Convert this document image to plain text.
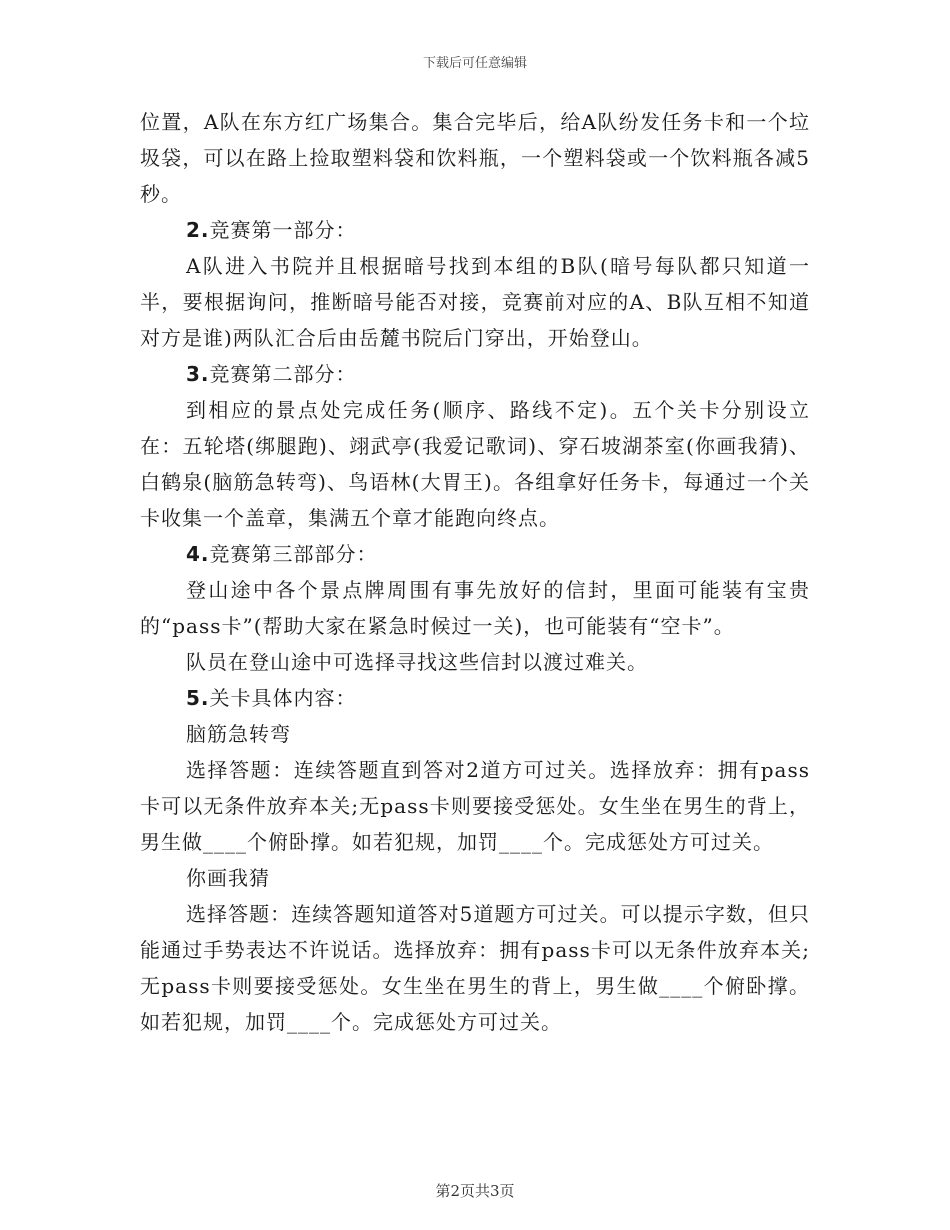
下载后可任意编辑

位置，A队在东方红广场集合。集合完毕后，给A队纷发任务卡和一个垃圾袋，可以在路上捡取塑料袋和饮料瓶，一个塑料袋或一个饮料瓶各减5秒。

2.竞赛第一部分：

A队进入书院并且根据暗号找到本组的B队(暗号每队都只知道一半，要根据询问，推断暗号能否对接，竞赛前对应的A、B队互相不知道对方是谁)两队汇合后由岳麓书院后门穿出，开始登山。

3.竞赛第二部分：

到相应的景点处完成任务(顺序、路线不定)。五个关卡分别设立在：五轮塔(绑腿跑)、翊武亭(我爱记歌词)、穿石坡湖茶室(你画我猜)、白鹤泉(脑筋急转弯)、鸟语林(大胃王)。各组拿好任务卡，每通过一个关卡收集一个盖章，集满五个章才能跑向终点。

4.竞赛第三部部分：

登山途中各个景点牌周围有事先放好的信封，里面可能装有宝贵的“pass卡”(帮助大家在紧急时候过一关)，也可能装有“空卡”。

队员在登山途中可选择寻找这些信封以渡过难关。

5.关卡具体内容：

脑筋急转弯

选择答题：连续答题直到答对2道方可过关。选择放弃：拥有pass卡可以无条件放弃本关;无pass卡则要接受惩处。女生坐在男生的背上，男生做____个俯卧撑。如若犯规，加罚____个。完成惩处方可过关。

你画我猜

选择答题：连续答题知道答对5道题方可过关。可以提示字数，但只能通过手势表达不许说话。选择放弃：拥有pass卡可以无条件放弃本关;无pass卡则要接受惩处。女生坐在男生的背上，男生做____个俯卧撑。如若犯规，加罚____个。完成惩处方可过关。

第2页共3页
